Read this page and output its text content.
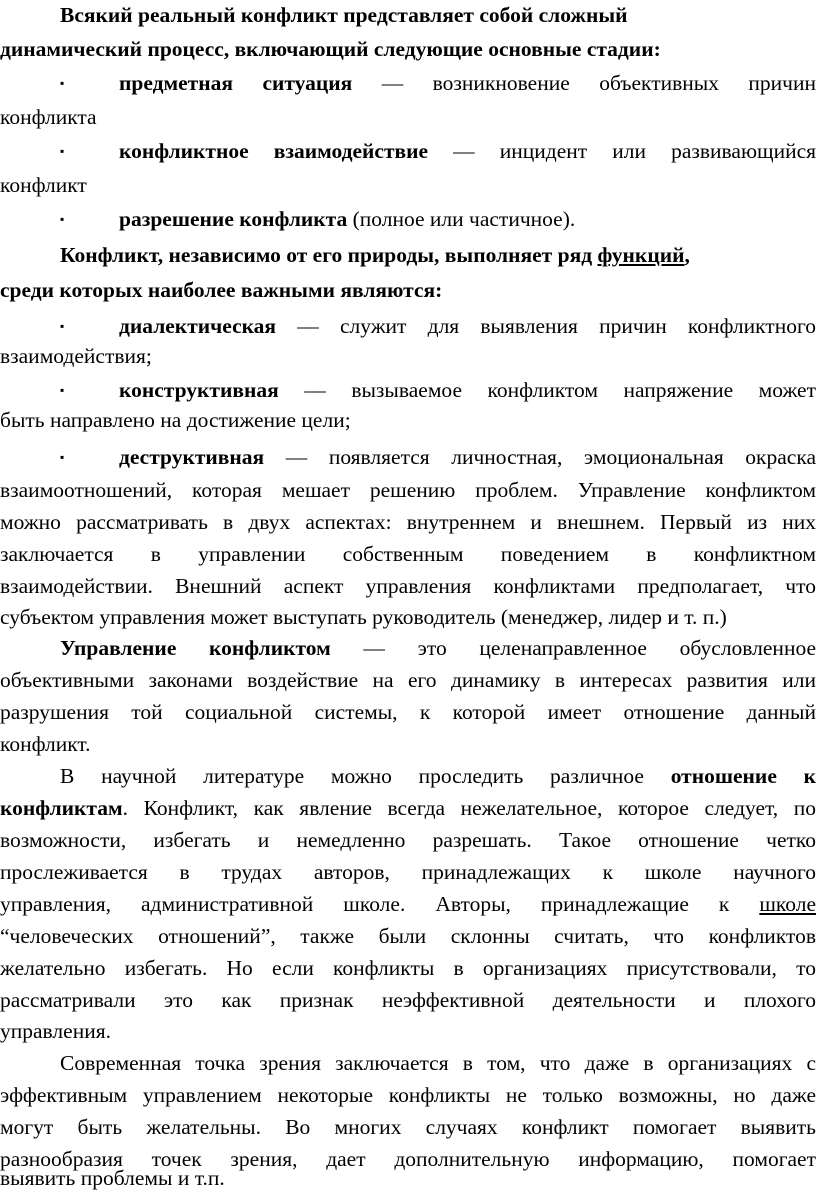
Всякий реальный конфликт представляет собой сложный
динамический процесс, включающий следующие основные стадии:
▪	предметная ситуация — возникновение объективных причин
конфликта
▪	конфликтное взаимодействие — инцидент или развивающийся
конфликт
▪	разрешение конфликта (полное или частичное).
Конфликт, независимо от его природы, выполняет ряд функций,
среди которых наиболее важными являются:
▪	диалектическая — служит для выявления причин конфликтного
взаимодействия;
▪	конструктивная — вызываемое конфликтом напряжение может
быть направлено на достижение цели;
▪	деструктивная — появляется личностная, эмоциональная окраска
взаимоотношений, которая мешает решению проблем. Управление конфликтом
можно рассматривать в двух аспектах: внутреннем и внешнем. Первый из них
заключается в управлении собственным поведением в конфликтном
взаимодействии. Внешний аспект управления конфликтами предполагает, что
субъектом управления может выступать руководитель (менеджер, лидер и т. п.)
Управление конфликтом — это целенаправленное обусловленное
объективными законами воздействие на его динамику в интересах развития или
разрушения той социальной системы, к которой имеет отношение данный
конфликт.
В научной литературе можно проследить различное отношение к
конфликтам. Конфликт, как явление всегда нежелательное, которое следует, по
возможности, избегать и немедленно разрешать. Такое отношение четко
прослеживается в трудах авторов, принадлежащих к школе научного
управления, административной школе. Авторы, принадлежащие к школе
“человеческих отношений”, также были склонны считать, что конфликтов
желательно избегать. Но если конфликты в организациях присутствовали, то
рассматривали это как признак неэффективной деятельности и плохого
управления.
Современная точка зрения заключается в том, что даже в организациях с
эффективным управлением некоторые конфликты не только возможны, но даже
могут быть желательны. Во многих случаях конфликт помогает выявить
разнообразия точек зрения, дает дополнительную информацию, помогает
выявить проблемы и т.п.
